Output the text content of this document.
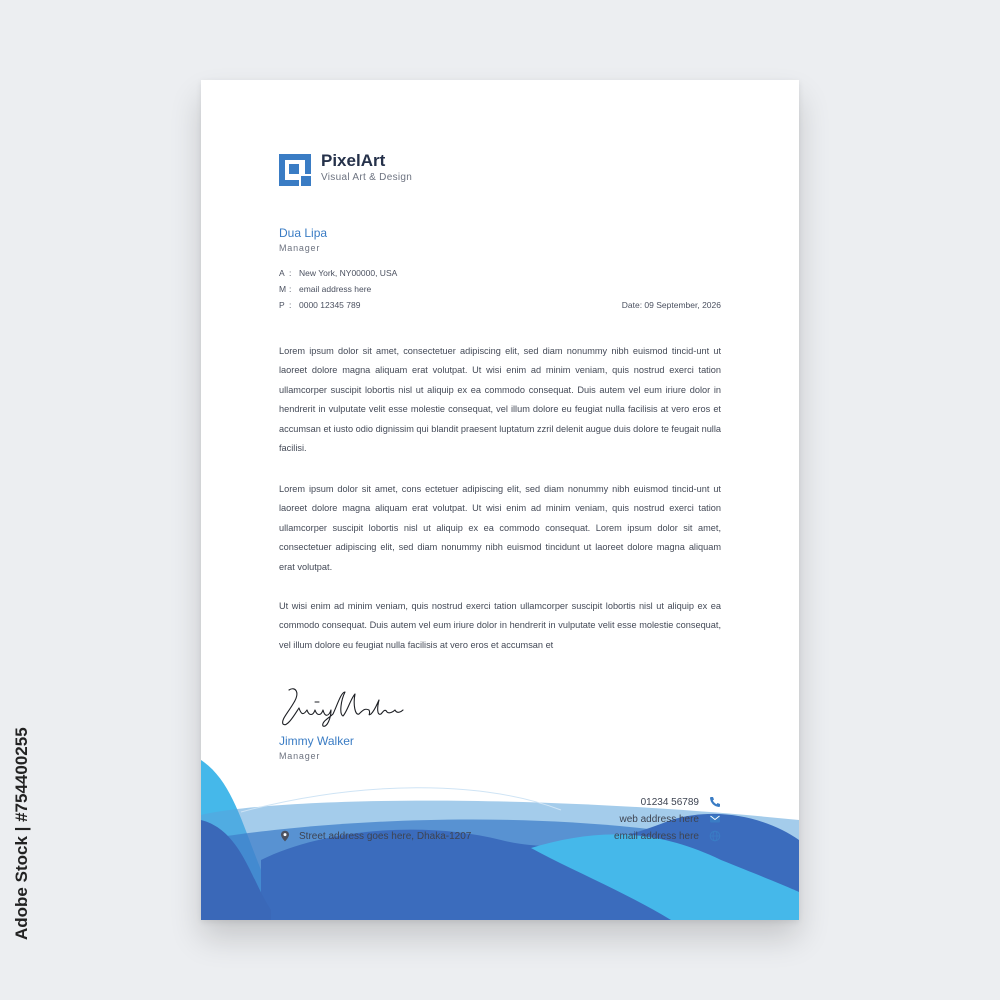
PixelArt
Visual Art & Design
Dua Lipa
Manager
A : New York, NY00000, USA
M : email address here
P : 0000 12345 789	Date: 09 September, 2026

Lorem ipsum dolor sit amet, consectetuer adipiscing elit, sed diam nonummy nibh euismod tincid-unt ut laoreet dolore magna aliquam erat volutpat. Ut wisi enim ad minim veniam, quis nostrud exerci tation ullamcorper suscipit lobortis nisl ut aliquip ex ea commodo consequat. Duis autem vel eum iriure dolor in hendrerit in vulputate velit esse molestie consequat, vel illum dolore eu feugiat nulla facilisis at vero eros et accumsan et iusto odio dignissim qui blandit praesent luptatum zzril delenit augue duis dolore te feugait nulla facilisi.

Lorem ipsum dolor sit amet, cons ectetuer adipiscing elit, sed diam nonummy nibh euismod tincid-unt ut laoreet dolore magna aliquam erat volutpat. Ut wisi enim ad minim veniam, quis nostrud exerci tation ullamcorper suscipit lobortis nisl ut aliquip ex ea commodo consequat. Lorem ipsum dolor sit amet, consectetuer adipiscing elit, sed diam nonummy nibh euismod tincidunt ut laoreet dolore magna aliquam erat volutpat.

Ut wisi enim ad minim veniam, quis nostrud exerci tation ullamcorper suscipit lobortis nisl ut aliquip ex ea commodo consequat. Duis autem vel eum iriure dolor in hendrerit in vulputate velit esse molestie consequat, vel illum dolore eu feugiat nulla facilisis at vero eros et accumsan et

Jimmy Walker
Manager
01234 56789
web address here
email address here
Street address goes here, Dhaka-1207
Adobe Stock | #754400255
